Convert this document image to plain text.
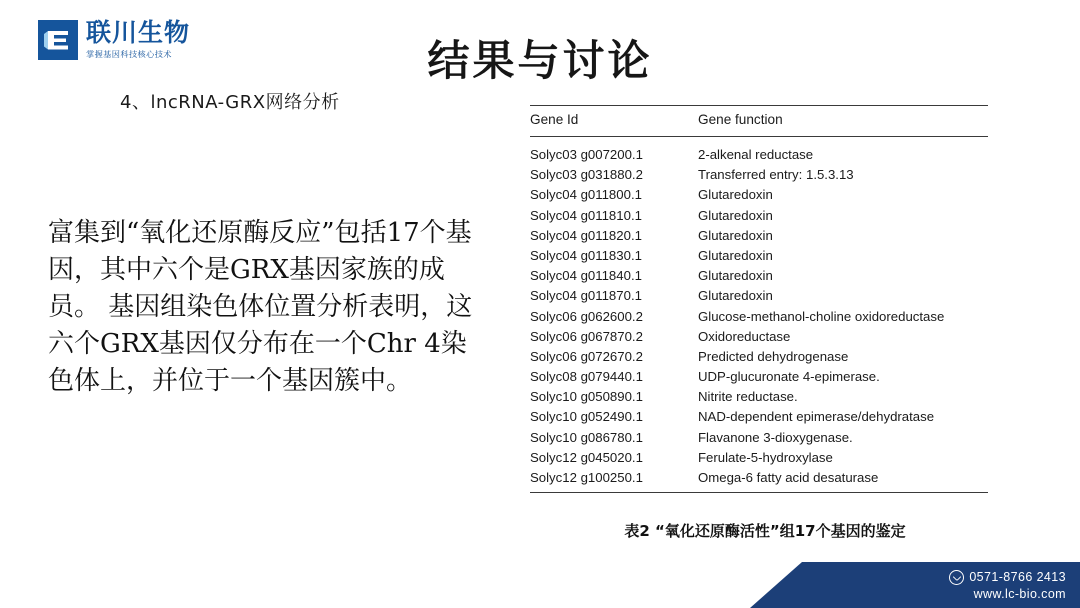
联川生物
掌握基因科技核心技术	结果与讨论
4、lncRNA-GRX网络分析
富集到“氧化还原酶反应”包括17个基因，其中六个是GRX基因家族的成员。 基因组染色体位置分析表明，这六个GRX基因仅分布在一个Chr 4染色体上，并位于一个基因簇中。
Gene Id	Gene function
Solyc03 g007200.1	2-alkenal reductase
Solyc03 g031880.2	Transferred entry: 1.5.3.13
Solyc04 g011800.1	Glutaredoxin
Solyc04 g011810.1	Glutaredoxin
Solyc04 g011820.1	Glutaredoxin
Solyc04 g011830.1	Glutaredoxin
Solyc04 g011840.1	Glutaredoxin
Solyc04 g011870.1	Glutaredoxin
Solyc06 g062600.2	Glucose-methanol-choline oxidoreductase
Solyc06 g067870.2	Oxidoreductase
Solyc06 g072670.2	Predicted dehydrogenase
Solyc08 g079440.1	UDP-glucuronate 4-epimerase.
Solyc10 g050890.1	Nitrite reductase.
Solyc10 g052490.1	NAD-dependent epimerase/dehydratase
Solyc10 g086780.1	Flavanone 3-dioxygenase.
Solyc12 g045020.1	Ferulate-5-hydroxylase
Solyc12 g100250.1	Omega-6 fatty acid desaturase
表2 “氧化还原酶活性”组17个基因的鉴定
0571-8766 2413
www.lc-bio.com
